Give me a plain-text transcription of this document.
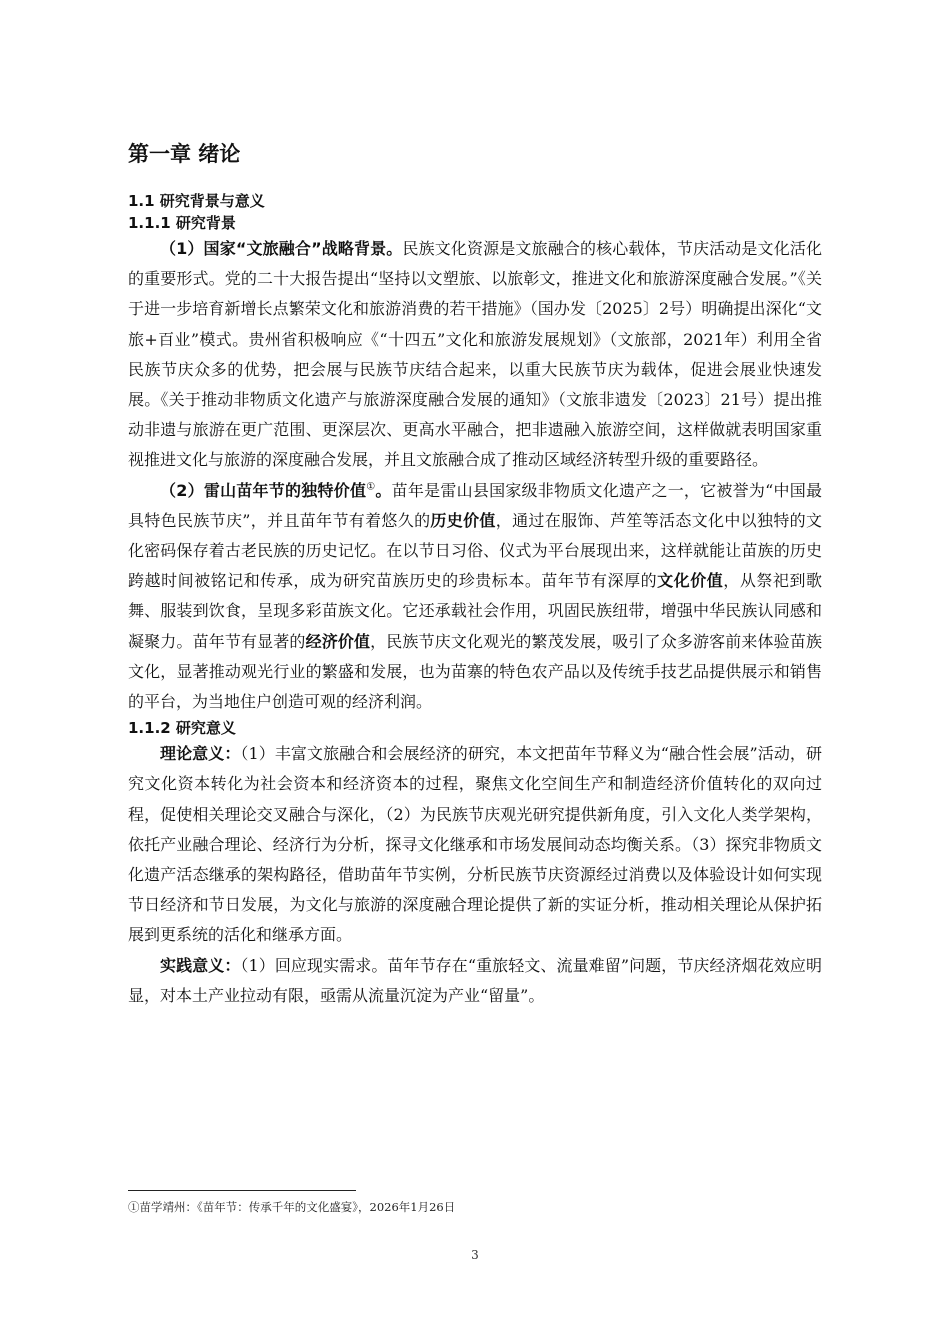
第一章 绪论
1.1 研究背景与意义
1.1.1 研究背景

（1）国家“文旅融合”战略背景。民族文化资源是文旅融合的核心载体，节庆活动是文化活化的重要形式。党的二十大报告提出“坚持以文塑旅、以旅彰文，推进文化和旅游深度融合发展。”《关于进一步培育新增长点繁荣文化和旅游消费的若干措施》（国办发〔2025〕2号）明确提出深化“文旅+百业”模式。贵州省积极响应《“十四五”文化和旅游发展规划》（文旅部，2021年）利用全省民族节庆众多的优势，把会展与民族节庆结合起来，以重大民族节庆为载体，促进会展业快速发展。《关于推动非物质文化遗产与旅游深度融合发展的通知》（文旅非遗发〔2023〕21号）提出推动非遗与旅游在更广范围、更深层次、更高水平融合，把非遗融入旅游空间，这样做就表明国家重视推进文化与旅游的深度融合发展，并且文旅融合成了推动区域经济转型升级的重要路径。

（2）雷山苗年节的独特价值①。苗年是雷山县国家级非物质文化遗产之一，它被誉为“中国最具特色民族节庆”，并且苗年节有着悠久的历史价值，通过在服饰、芦笙等活态文化中以独特的文化密码保存着古老民族的历史记忆。在以节日习俗、仪式为平台展现出来，这样就能让苗族的历史跨越时间被铭记和传承，成为研究苗族历史的珍贵标本。苗年节有深厚的文化价值，从祭祀到歌舞、服装到饮食，呈现多彩苗族文化。它还承载社会作用，巩固民族纽带，增强中华民族认同感和凝聚力。苗年节有显著的经济价值，民族节庆文化观光的繁茂发展，吸引了众多游客前来体验苗族文化，显著推动观光行业的繁盛和发展，也为苗寨的特色农产品以及传统手技艺品提供展示和销售的平台，为当地住户创造可观的经济利润。

1.1.2 研究意义

理论意义：（1）丰富文旅融合和会展经济的研究，本文把苗年节释义为“融合性会展”活动，研究文化资本转化为社会资本和经济资本的过程，聚焦文化空间生产和制造经济价值转化的双向过程，促使相关理论交叉融合与深化，（2）为民族节庆观光研究提供新角度，引入文化人类学架构，依托产业融合理论、经济行为分析，探寻文化继承和市场发展间动态均衡关系。（3）探究非物质文化遗产活态继承的架构路径，借助苗年节实例，分析民族节庆资源经过消费以及体验设计如何实现节日经济和节日发展，为文化与旅游的深度融合理论提供了新的实证分析，推动相关理论从保护拓展到更系统的活化和继承方面。

实践意义：（1）回应现实需求。苗年节存在“重旅轻文、流量难留”问题，节庆经济烟花效应明显，对本土产业拉动有限，亟需从流量沉淀为产业“留量”。

①苗学靖州：《苗年节：传承千年的文化盛宴》，2026年1月26日
3
